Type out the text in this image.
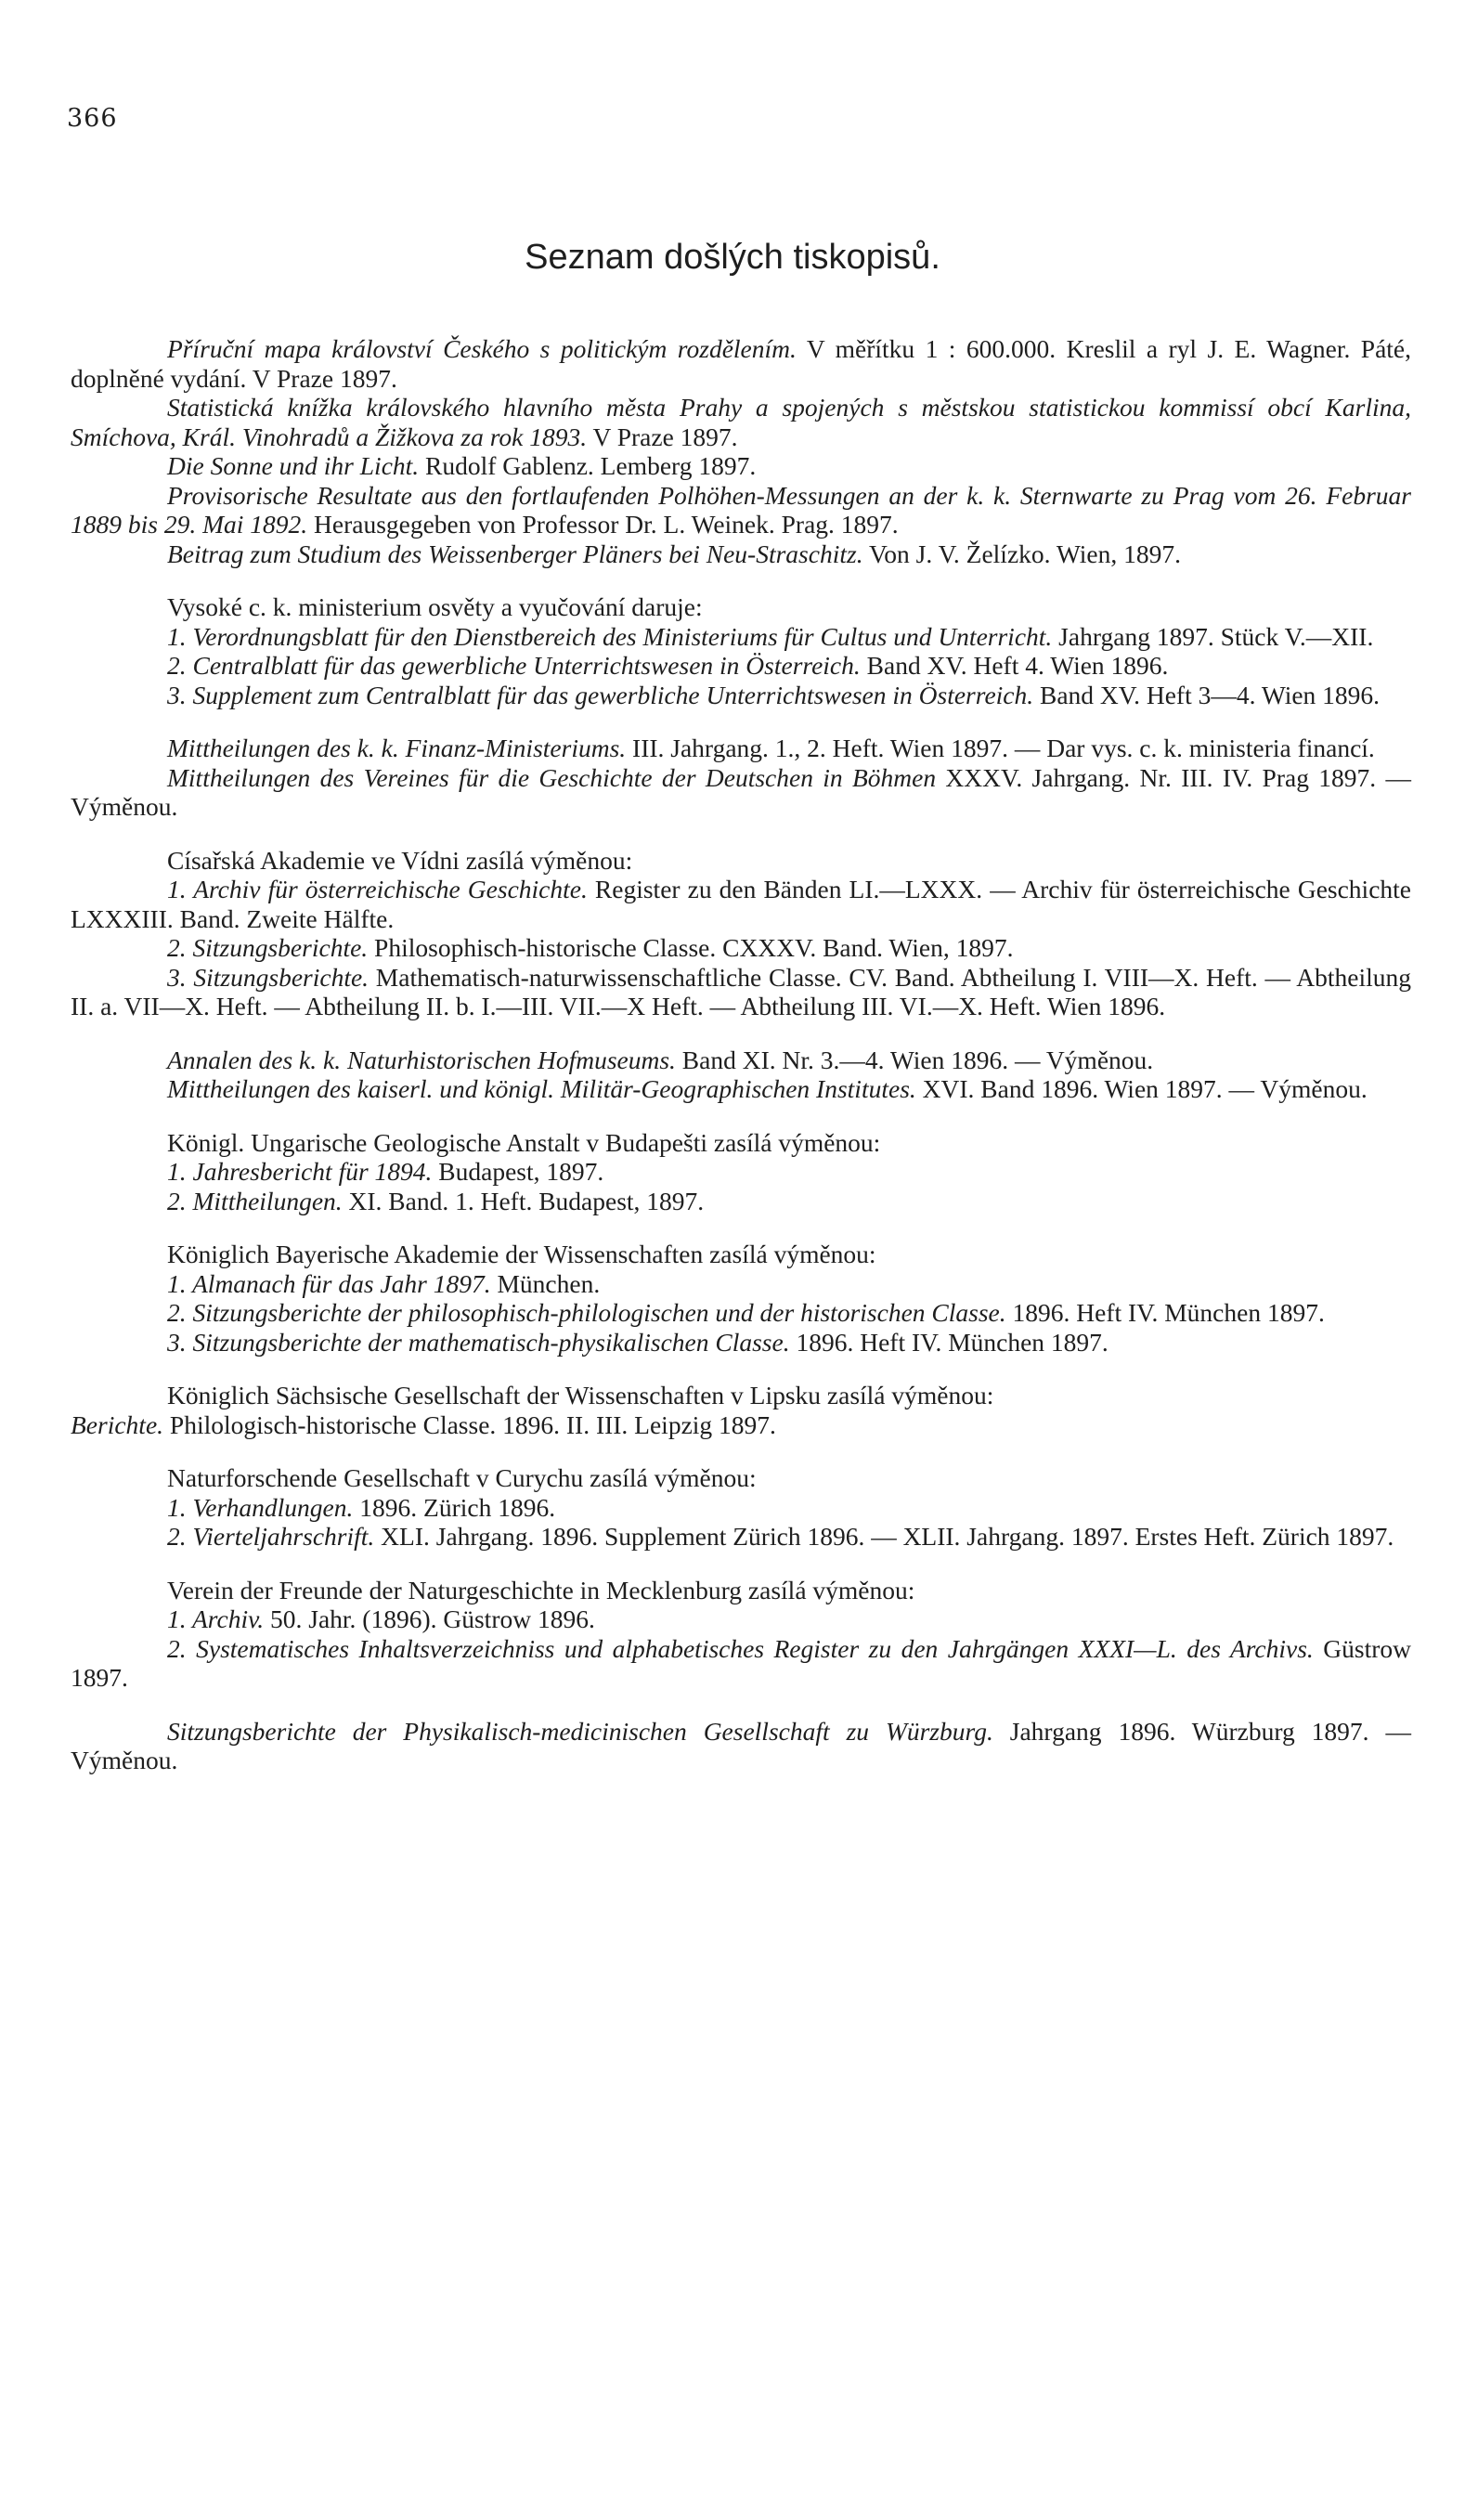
366
Seznam došlých tiskopisů.

Příruční mapa království Českého s politickým rozdělením. V měřítku 1 : 600.000. Kreslil a ryl J. E. Wagner. Páté, doplněné vydání. V Praze 1897.

Statistická knížka královského hlavního města Prahy a spojených s městskou statistickou kommissí obcí Karlina, Smíchova, Král. Vinohradů a Žižkova za rok 1893. V Praze 1897.

Die Sonne und ihr Licht. Rudolf Gablenz. Lemberg 1897.

Provisorische Resultate aus den fortlaufenden Polhöhen-Messungen an der k. k. Sternwarte zu Prag vom 26. Februar 1889 bis 29. Mai 1892. Herausgegeben von Professor Dr. L. Weinek. Prag. 1897.

Beitrag zum Studium des Weissenberger Pläners bei Neu-Straschitz. Von J. V. Želízko. Wien, 1897.

Vysoké c. k. ministerium osvěty a vyučování daruje:

1. Verordnungsblatt für den Dienstbereich des Ministeriums für Cultus und Unterricht. Jahrgang 1897. Stück V.—XII.

2. Centralblatt für das gewerbliche Unterrichtswesen in Österreich. Band XV. Heft 4. Wien 1896.

3. Supplement zum Centralblatt für das gewerbliche Unterrichtswesen in Österreich. Band XV. Heft 3—4. Wien 1896.

Mittheilungen des k. k. Finanz-Ministeriums. III. Jahrgang. 1., 2. Heft. Wien 1897. — Dar vys. c. k. ministeria financí.

Mittheilungen des Vereines für die Geschichte der Deutschen in Böhmen XXXV. Jahrgang. Nr. III. IV. Prag 1897. — Výměnou.

Císařská Akademie ve Vídni zasílá výměnou:

1. Archiv für österreichische Geschichte. Register zu den Bänden LI.—LXXX. — Archiv für österreichische Geschichte LXXXIII. Band. Zweite Hälfte.

2. Sitzungsberichte. Philosophisch-historische Classe. CXXXV. Band. Wien, 1897.

3. Sitzungsberichte. Mathematisch-naturwissenschaftliche Classe. CV. Band. Abtheilung I. VIII—X. Heft. — Abtheilung II. a. VII—X. Heft. — Abtheilung II. b. I.—III. VII.—X Heft. — Abtheilung III. VI.—X. Heft. Wien 1896.

Annalen des k. k. Naturhistorischen Hofmuseums. Band XI. Nr. 3.—4. Wien 1896. — Výměnou.

Mittheilungen des kaiserl. und königl. Militär-Geographischen Institutes. XVI. Band 1896. Wien 1897. — Výměnou.

Königl. Ungarische Geologische Anstalt v Budapešti zasílá výměnou:

1. Jahresbericht für 1894. Budapest, 1897.

2. Mittheilungen. XI. Band. 1. Heft. Budapest, 1897.

Königlich Bayerische Akademie der Wissenschaften zasílá výměnou:

1. Almanach für das Jahr 1897. München.

2. Sitzungsberichte der philosophisch-philologischen und der historischen Classe. 1896. Heft IV. München 1897.

3. Sitzungsberichte der mathematisch-physikalischen Classe. 1896. Heft IV. München 1897.

Königlich Sächsische Gesellschaft der Wissenschaften v Lipsku zasílá výměnou:

Berichte. Philologisch-historische Classe. 1896. II. III. Leipzig 1897.

Naturforschende Gesellschaft v Curychu zasílá výměnou:

1. Verhandlungen. 1896. Zürich 1896.

2. Vierteljahrschrift. XLI. Jahrgang. 1896. Supplement Zürich 1896. — XLII. Jahrgang. 1897. Erstes Heft. Zürich 1897.

Verein der Freunde der Naturgeschichte in Mecklenburg zasílá výměnou:

1. Archiv. 50. Jahr. (1896). Güstrow 1896.

2. Systematisches Inhaltsverzeichniss und alphabetisches Register zu den Jahrgängen XXXI—L. des Archivs. Güstrow 1897.

Sitzungsberichte der Physikalisch-medicinischen Gesellschaft zu Würzburg. Jahrgang 1896. Würzburg 1897. — Výměnou.
